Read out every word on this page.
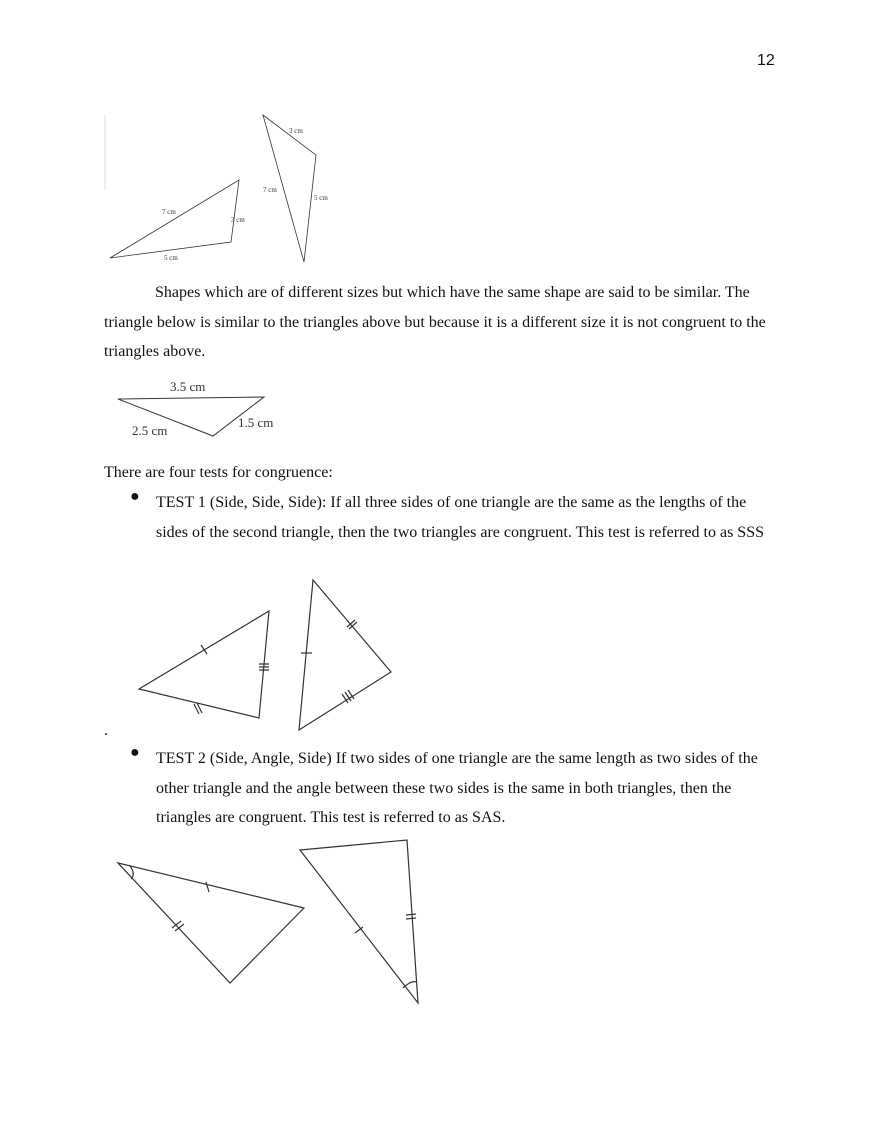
12
3 cm
7 cm
5 cm
7 cm
3 cm
5 cm

Shapes which are of different sizes but which have the same shape are said to be similar. The triangle below is similar to the triangles above but because it is a different size it is not congruent to the triangles above.

3.5 cm
2.5 cm
1.5 cm

There are four tests for congruence:

● TEST 1 (Side, Side, Side): If all three sides of one triangle are the same as the lengths of the sides of the second triangle, then the two triangles are congruent. This test is referred to as SSS

.
● TEST 2 (Side, Angle, Side) If two sides of one triangle are the same length as two sides of the other triangle and the angle between these two sides is the same in both triangles, then the triangles are congruent. This test is referred to as SAS.
